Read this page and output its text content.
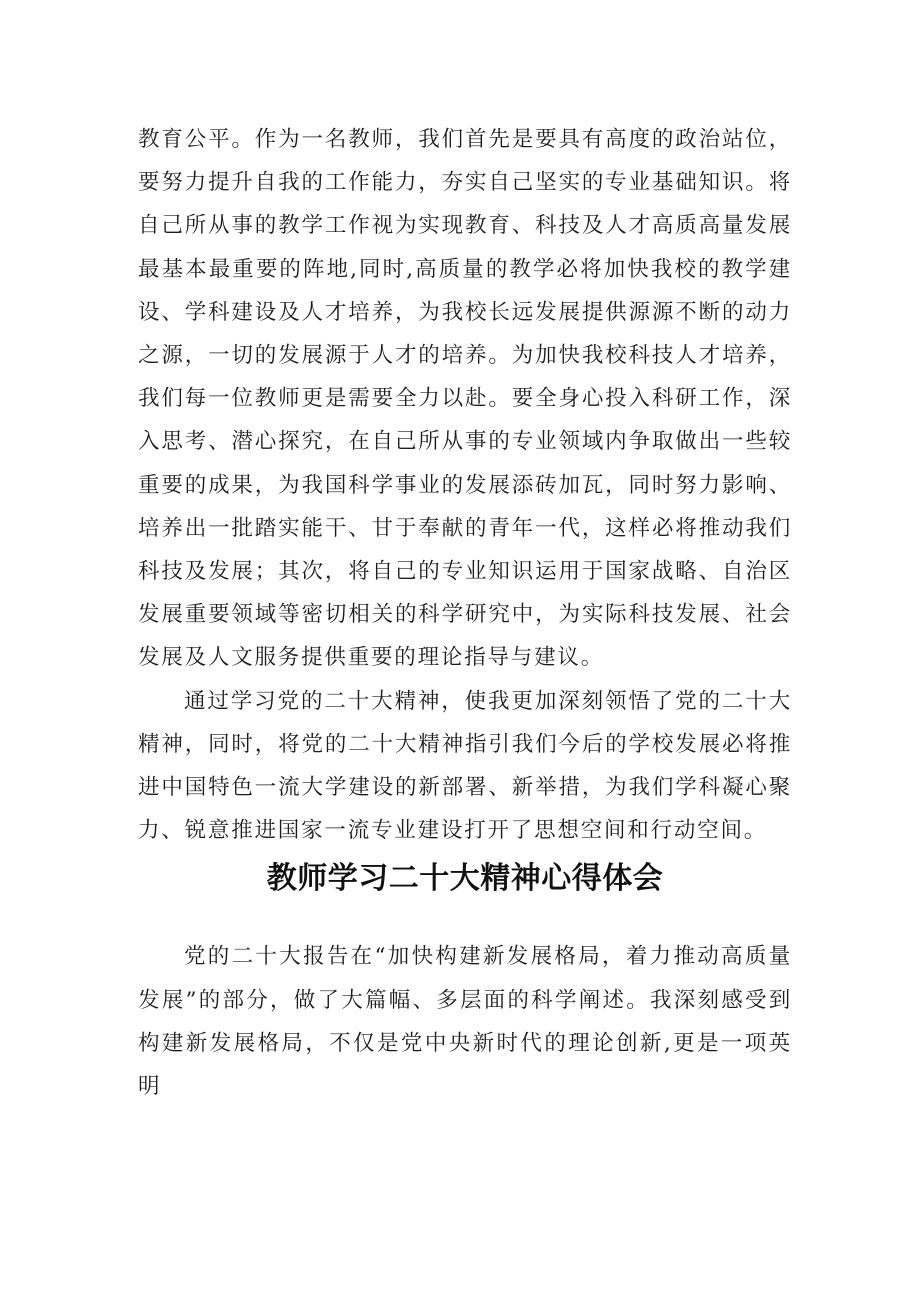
教育公平。作为一名教师，我们首先是要具有高度的政治站位，要努力提升自我的工作能力，夯实自己坚实的专业基础知识。将自己所从事的教学工作视为实现教育、科技及人才高质高量发展最基本最重要的阵地,同时,高质量的教学必将加快我校的教学建设、学科建设及人才培养，为我校长远发展提供源源不断的动力之源，一切的发展源于人才的培养。为加快我校科技人才培养，我们每一位教师更是需要全力以赴。要全身心投入科研工作，深入思考、潜心探究，在自己所从事的专业领域内争取做出一些较重要的成果，为我国科学事业的发展添砖加瓦，同时努力影响、培养出一批踏实能干、甘于奉献的青年一代，这样必将推动我们科技及发展；其次，将自己的专业知识运用于国家战略、自治区发展重要领域等密切相关的科学研究中，为实际科技发展、社会发展及人文服务提供重要的理论指导与建议。

通过学习党的二十大精神，使我更加深刻领悟了党的二十大精神，同时，将党的二十大精神指引我们今后的学校发展必将推进中国特色一流大学建设的新部署、新举措，为我们学科凝心聚力、锐意推进国家一流专业建设打开了思想空间和行动空间。

教师学习二十大精神心得体会

党的二十大报告在“加快构建新发展格局，着力推动高质量发展”的部分，做了大篇幅、多层面的科学阐述。我深刻感受到构建新发展格局，不仅是党中央新时代的理论创新,更是一项英明
